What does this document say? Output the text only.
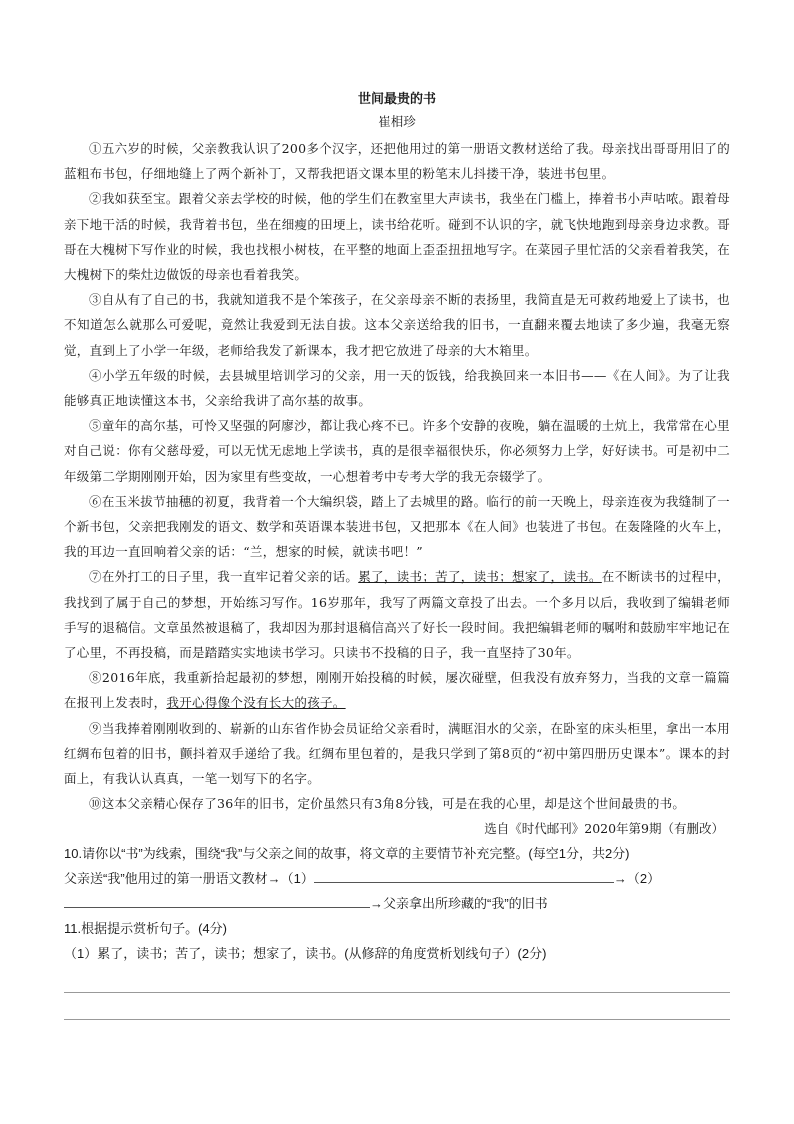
世间最贵的书
崔相珍

①五六岁的时候，父亲教我认识了200多个汉字，还把他用过的第一册语文教材送给了我。母亲找出哥哥用旧了的蓝粗布书包，仔细地缝上了两个新补丁，又帮我把语文课本里的粉笔末儿抖搂干净，装进书包里。

②我如获至宝。跟着父亲去学校的时候，他的学生们在教室里大声读书，我坐在门槛上，捧着书小声咕哝。跟着母亲下地干活的时候，我背着书包，坐在细瘦的田埂上，读书给花听。碰到不认识的字，就飞快地跑到母亲身边求教。哥哥在大槐树下写作业的时候，我也找根小树枝，在平整的地面上歪歪扭扭地写字。在菜园子里忙活的父亲看着我笑，在大槐树下的柴灶边做饭的母亲也看着我笑。

③自从有了自己的书，我就知道我不是个笨孩子，在父亲母亲不断的表扬里，我简直是无可救药地爱上了读书，也不知道怎么就那么可爱呢，竟然让我爱到无法自拔。这本父亲送给我的旧书，一直翻来覆去地读了多少遍，我毫无察觉，直到上了小学一年级，老师给我发了新课本，我才把它放进了母亲的大木箱里。

④小学五年级的时候，去县城里培训学习的父亲，用一天的饭钱，给我换回来一本旧书——《在人间》。为了让我能够真正地读懂这本书，父亲给我讲了高尔基的故事。

⑤童年的高尔基，可怜又坚强的阿廖沙，都让我心疼不已。许多个安静的夜晚，躺在温暖的土炕上，我常常在心里对自己说：你有父慈母爱，可以无忧无虑地上学读书，真的是很幸福很快乐，你必须努力上学，好好读书。可是初中二年级第二学期刚刚开始，因为家里有些变故，一心想着考中专考大学的我无奈辍学了。

⑥在玉米拔节抽穗的初夏，我背着一个大编织袋，踏上了去城里的路。临行的前一天晚上，母亲连夜为我缝制了一个新书包，父亲把我刚发的语文、数学和英语课本装进书包，又把那本《在人间》也装进了书包。在轰隆隆的火车上，我的耳边一直回响着父亲的话：“兰，想家的时候，就读书吧！”

⑦在外打工的日子里，我一直牢记着父亲的话。累了，读书；苦了，读书；想家了，读书。在不断读书的过程中，我找到了属于自己的梦想，开始练习写作。16岁那年，我写了两篇文章投了出去。一个多月以后，我收到了编辑老师手写的退稿信。文章虽然被退稿了，我却因为那封退稿信高兴了好长一段时间。我把编辑老师的嘱咐和鼓励牢牢地记在了心里，不再投稿，而是踏踏实实地读书学习。只读书不投稿的日子，我一直坚持了30年。

⑧2016年底，我重新拾起最初的梦想，刚刚开始投稿的时候，屡次碰壁，但我没有放弃努力，当我的文章一篇篇在报刊上发表时，我开心得像个没有长大的孩子。

⑨当我捧着刚刚收到的、崭新的山东省作协会员证给父亲看时，满眶泪水的父亲，在卧室的床头柜里，拿出一本用红绸布包着的旧书，颤抖着双手递给了我。红绸布里包着的，是我只学到了第8页的“初中第四册历史课本”。课本的封面上，有我认认真真，一笔一划写下的名字。

⑩这本父亲精心保存了36年的旧书，定价虽然只有3角8分钱，可是在我的心里，却是这个世间最贵的书。

选自《时代邮刊》2020年第9期（有删改）
10.请你以“书”为线索，围绕“我”与父亲之间的故事，将文章的主要情节补充完整。(每空1分，共2分)
父亲送“我”他用过的第一册语文教材→（1）	→（2）
→父亲拿出所珍藏的“我”的旧书
11.根据提示赏析句子。(4分)
（1）累了，读书；苦了，读书；想家了，读书。(从修辞的角度赏析划线句子）(2分)
